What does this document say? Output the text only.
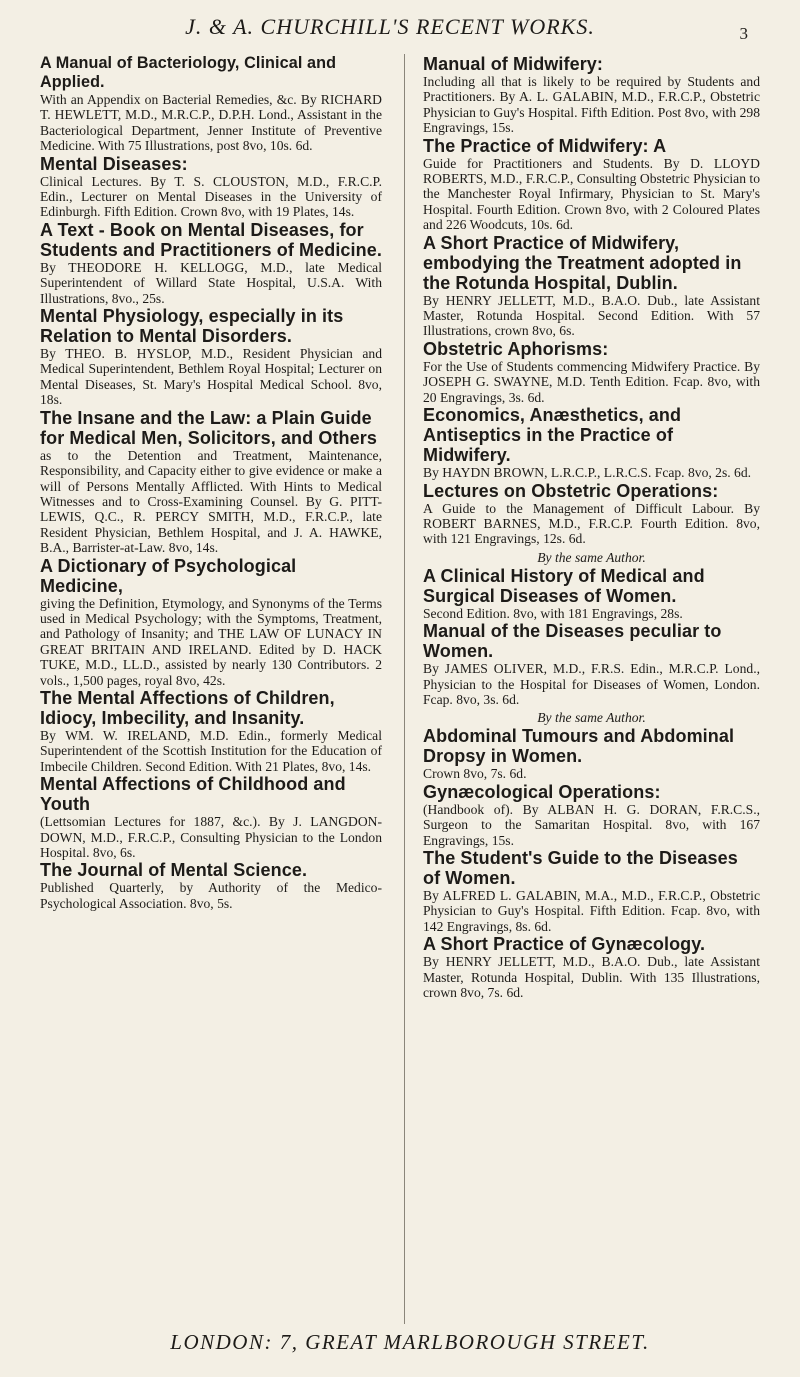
J. & A. CHURCHILL'S RECENT WORKS.	3
A Manual of Bacteriology, Clinical and Applied.
With an Appendix on Bacterial Remedies, &c. By RICHARD T. HEWLETT, M.D., M.R.C.P., D.P.H. Lond., Assistant in the Bacteriological Department, Jenner Institute of Preventive Medicine. With 75 Illustrations, post 8vo, 10s. 6d.
Mental Diseases:
Clinical Lectures. By T. S. CLOUSTON, M.D., F.R.C.P. Edin., Lecturer on Mental Diseases in the University of Edinburgh. Fifth Edition. Crown 8vo, with 19 Plates, 14s.
A Text - Book on Mental Diseases, for Students and Practitioners of Medicine.
By THEODORE H. KELLOGG, M.D., late Medical Superintendent of Willard State Hospital, U.S.A. With Illustrations, 8vo., 25s.
Mental Physiology, especially in its Relation to Mental Disorders.
By THEO. B. HYSLOP, M.D., Resident Physician and Medical Superintendent, Bethlem Royal Hospital; Lecturer on Mental Diseases, St. Mary's Hospital Medical School. 8vo, 18s.
The Insane and the Law: a Plain Guide for Medical Men, Solicitors, and Others
as to the Detention and Treatment, Maintenance, Responsibility, and Capacity either to give evidence or make a will of Persons Mentally Afflicted. With Hints to Medical Witnesses and to Cross-Examining Counsel. By G. PITT-LEWIS, Q.C., R. PERCY SMITH, M.D., F.R.C.P., late Resident Physician, Bethlem Hospital, and J. A. HAWKE, B.A., Barrister-at-Law. 8vo, 14s.
A Dictionary of Psychological Medicine,
giving the Definition, Etymology, and Synonyms of the Terms used in Medical Psychology; with the Symptoms, Treatment, and Pathology of Insanity; and THE LAW OF LUNACY IN GREAT BRITAIN AND IRELAND. Edited by D. HACK TUKE, M.D., LL.D., assisted by nearly 130 Contributors. 2 vols., 1,500 pages, royal 8vo, 42s.
The Mental Affections of Children, Idiocy, Imbecility, and Insanity.
By WM. W. IRELAND, M.D. Edin., formerly Medical Superintendent of the Scottish Institution for the Education of Imbecile Children. Second Edition. With 21 Plates, 8vo, 14s.
Mental Affections of Childhood and Youth
(Lettsomian Lectures for 1887, &c.). By J. LANGDON-DOWN, M.D., F.R.C.P., Consulting Physician to the London Hospital. 8vo, 6s.
The Journal of Mental Science.
Published Quarterly, by Authority of the Medico-Psychological Association. 8vo, 5s.
Manual of Midwifery:
Including all that is likely to be required by Students and Practitioners. By A. L. GALABIN, M.D., F.R.C.P., Obstetric Physician to Guy's Hospital. Fifth Edition. Post 8vo, with 298 Engravings, 15s.
The Practice of Midwifery: A
Guide for Practitioners and Students. By D. LLOYD ROBERTS, M.D., F.R.C.P., Consulting Obstetric Physician to the Manchester Royal Infirmary, Physician to St. Mary's Hospital. Fourth Edition. Crown 8vo, with 2 Coloured Plates and 226 Woodcuts, 10s. 6d.
A Short Practice of Midwifery, embodying the Treatment adopted in the Rotunda Hospital, Dublin.
By HENRY JELLETT, M.D., B.A.O. Dub., late Assistant Master, Rotunda Hospital. Second Edition. With 57 Illustrations, crown 8vo, 6s.
Obstetric Aphorisms:
For the Use of Students commencing Midwifery Practice. By JOSEPH G. SWAYNE, M.D. Tenth Edition. Fcap. 8vo, with 20 Engravings, 3s. 6d.
Economics, Anæsthetics, and Antiseptics in the Practice of Midwifery.
By HAYDN BROWN, L.R.C.P., L.R.C.S. Fcap. 8vo, 2s. 6d.
Lectures on Obstetric Operations:
A Guide to the Management of Difficult Labour. By ROBERT BARNES, M.D., F.R.C.P. Fourth Edition. 8vo, with 121 Engravings, 12s. 6d.
By the same Author.
A Clinical History of Medical and Surgical Diseases of Women.
Second Edition. 8vo, with 181 Engravings, 28s.
Manual of the Diseases peculiar to Women.
By JAMES OLIVER, M.D., F.R.S. Edin., M.R.C.P. Lond., Physician to the Hospital for Diseases of Women, London. Fcap. 8vo, 3s. 6d.
By the same Author.
Abdominal Tumours and Abdominal Dropsy in Women.
Crown 8vo, 7s. 6d.
Gynæcological Operations:
(Handbook of). By ALBAN H. G. DORAN, F.R.C.S., Surgeon to the Samaritan Hospital. 8vo, with 167 Engravings, 15s.
The Student's Guide to the Diseases of Women.
By ALFRED L. GALABIN, M.A., M.D., F.R.C.P., Obstetric Physician to Guy's Hospital. Fifth Edition. Fcap. 8vo, with 142 Engravings, 8s. 6d.
A Short Practice of Gynæcology.
By HENRY JELLETT, M.D., B.A.O. Dub., late Assistant Master, Rotunda Hospital, Dublin. With 135 Illustrations, crown 8vo, 7s. 6d.
LONDON: 7, GREAT MARLBOROUGH STREET.
